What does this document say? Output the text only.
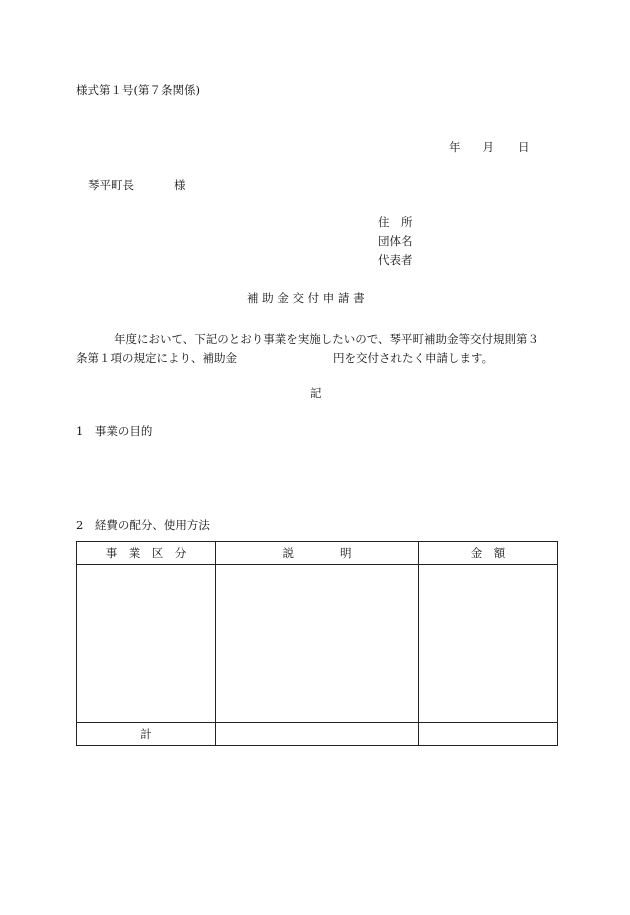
様式第１号(第７条関係)
年 月 日
琴平町長	様
住　所
団体名
代表者
補 助 金 交 付 申 請 書
年度において、下記のとおり事業を実施したいので、琴平町補助金等交付規則第３
条第１項の規定により、補助金	円を交付されたく申請します。
記
1　事業の目的
2　経費の配分、使用方法
事　業　区　分	説　　　　明	金　額

計		
